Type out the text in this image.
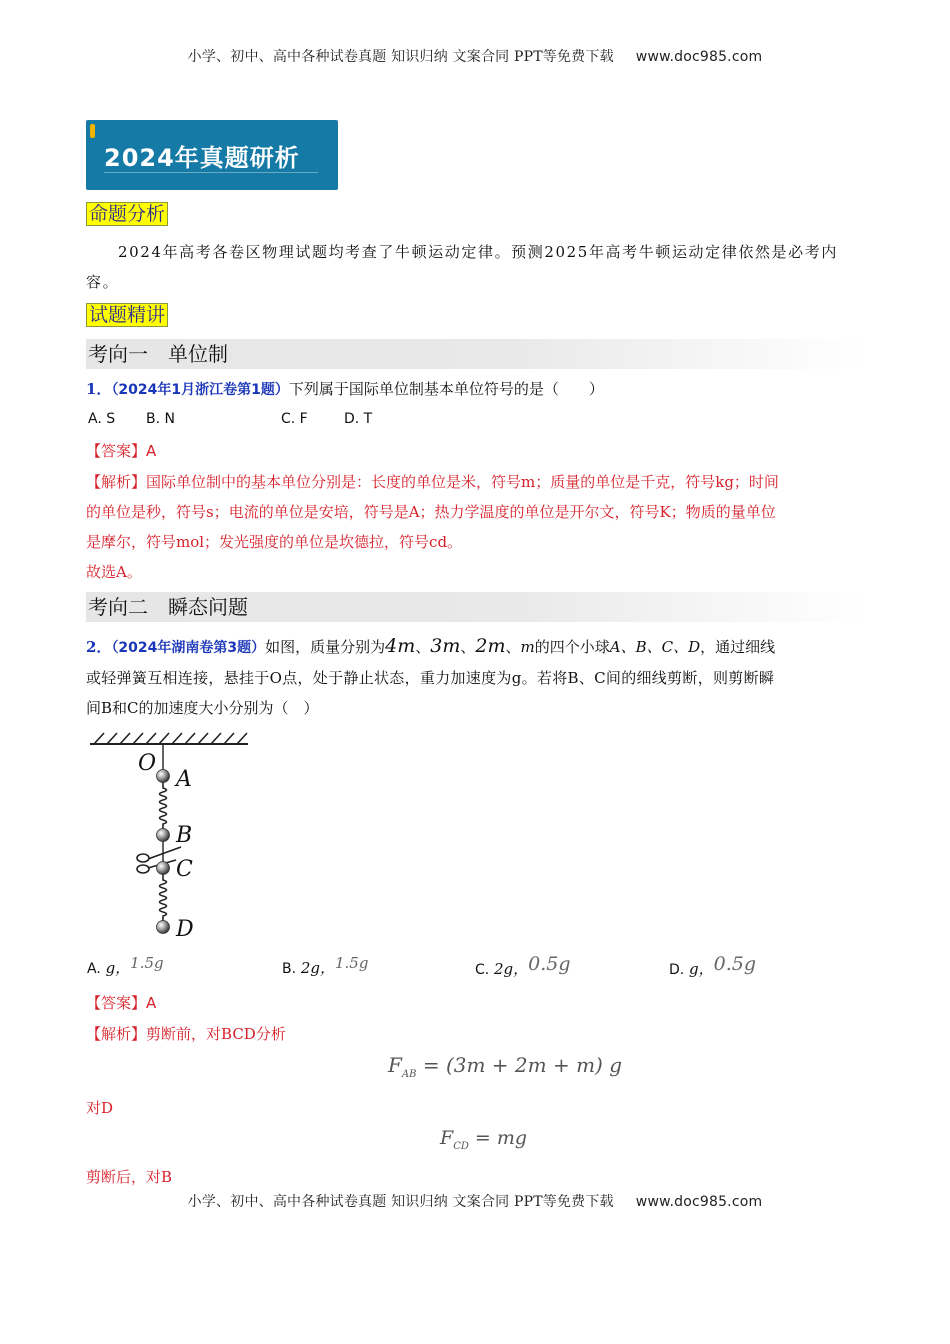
小学、初中、高中各种试卷真题 知识归纳 文案合同 PPT等免费下载 www.doc985.com
2024年真题研析
命题分析
2024年高考各卷区物理试题均考查了牛顿运动定律。预测2025年高考牛顿运动定律依然是必考内容。
试题精讲
考向一　单位制
1．（2024年1月浙江卷第1题）下列属于国际单位制基本单位符号的是（　　）
A. S B. N	C. F	D. T
【答案】A
【解析】国际单位制中的基本单位分别是：长度的单位是米，符号m；质量的单位是千克，符号kg；时间
的单位是秒，符号s；电流的单位是安培，符号是A；热力学温度的单位是开尔文，符号K；物质的量单位
是摩尔，符号mol；发光强度的单位是坎德拉，符号cd。
故选A。
考向二　瞬态问题
2．（2024年湖南卷第3题）如图，质量分别为4m、3m、2m、m的四个小球A、B、C、D，通过细线
或轻弹簧互相连接，悬挂于O点，处于静止状态，重力加速度为g。若将B、C间的细线剪断，则剪断瞬
间B和C的加速度大小分别为（　）
O
A
B
C
D
A. g，1.5g	B. 2g，1.5g	C. 2g，0.5g	D. g，0.5g
【答案】A
【解析】剪断前，对BCD分析
$F_{AB} = (3m + 2m + m)$ g
对D
$F_{CD}$ = mg
剪断后，对B
小学、初中、高中各种试卷真题 知识归纳 文案合同 PPT等免费下载 www.doc985.com
